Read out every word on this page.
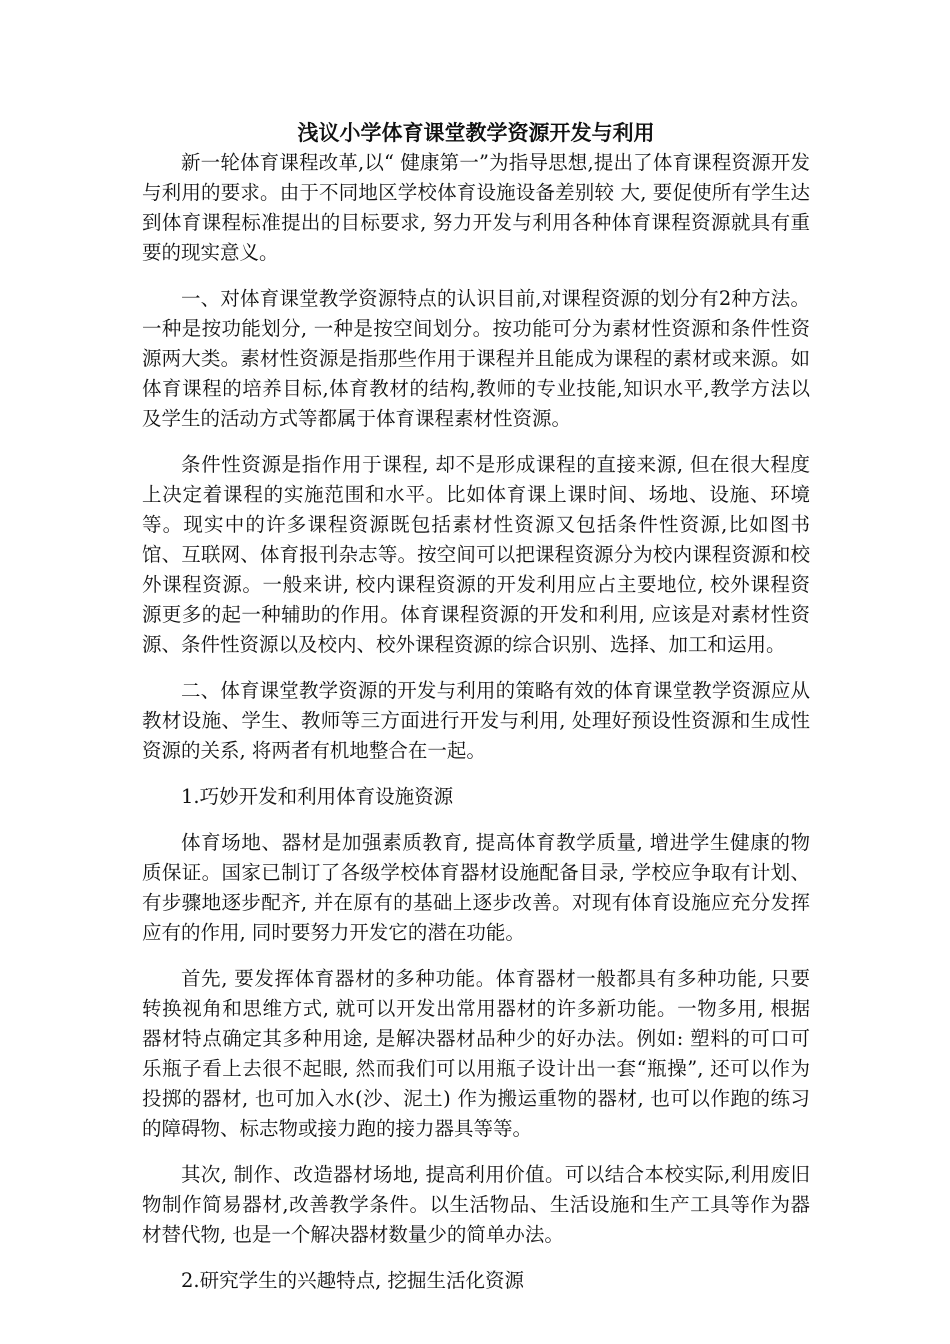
浅议小学体育课堂教学资源开发与利用

新一轮体育课程改革,以“ 健康第一”为指导思想,提出了体育课程资源开发与利用的要求。由于不同地区学校体育设施设备差别较 大, 要促使所有学生达到体育课程标准提出的目标要求, 努力开发与利用各种体育课程资源就具有重要的现实意义。

一、对体育课堂教学资源特点的认识目前,对课程资源的划分有2种方法。一种是按功能划分, 一种是按空间划分。按功能可分为素材性资源和条件性资源两大类。素材性资源是指那些作用于课程并且能成为课程的素材或来源。如体育课程的培养目标,体育教材的结构,教师的专业技能,知识水平,教学方法以及学生的活动方式等都属于体育课程素材性资源。

条件性资源是指作用于课程, 却不是形成课程的直接来源, 但在很大程度上决定着课程的实施范围和水平。比如体育课上课时间、场地、设施、环境等。现实中的许多课程资源既包括素材性资源又包括条件性资源,比如图书馆、互联网、体育报刊杂志等。按空间可以把课程资源分为校内课程资源和校外课程资源。一般来讲, 校内课程资源的开发利用应占主要地位, 校外课程资源更多的起一种辅助的作用。体育课程资源的开发和利用, 应该是对素材性资源、条件性资源以及校内、校外课程资源的综合识别、选择、加工和运用。

二、体育课堂教学资源的开发与利用的策略有效的体育课堂教学资源应从教材设施、学生、教师等三方面进行开发与利用, 处理好预设性资源和生成性资源的关系, 将两者有机地整合在一起。

1.巧妙开发和利用体育设施资源

体育场地、器材是加强素质教育, 提高体育教学质量, 增进学生健康的物质保证。国家已制订了各级学校体育器材设施配备目录, 学校应争取有计划、有步骤地逐步配齐, 并在原有的基础上逐步改善。对现有体育设施应充分发挥应有的作用, 同时要努力开发它的潜在功能。

首先, 要发挥体育器材的多种功能。体育器材一般都具有多种功能, 只要转换视角和思维方式, 就可以开发出常用器材的许多新功能。一物多用, 根据器材特点确定其多种用途, 是解决器材品种少的好办法。例如: 塑料的可口可乐瓶子看上去很不起眼, 然而我们可以用瓶子设计出一套“瓶操”, 还可以作为投掷的器材, 也可加入水(沙、泥土) 作为搬运重物的器材, 也可以作跑的练习的障碍物、标志物或接力跑的接力器具等等。

其次, 制作、改造器材场地, 提高利用价值。可以结合本校实际,利用废旧物制作简易器材,改善教学条件。以生活物品、生活设施和生产工具等作为器材替代物, 也是一个解决器材数量少的简单办法。

2.研究学生的兴趣特点, 挖掘生活化资源
